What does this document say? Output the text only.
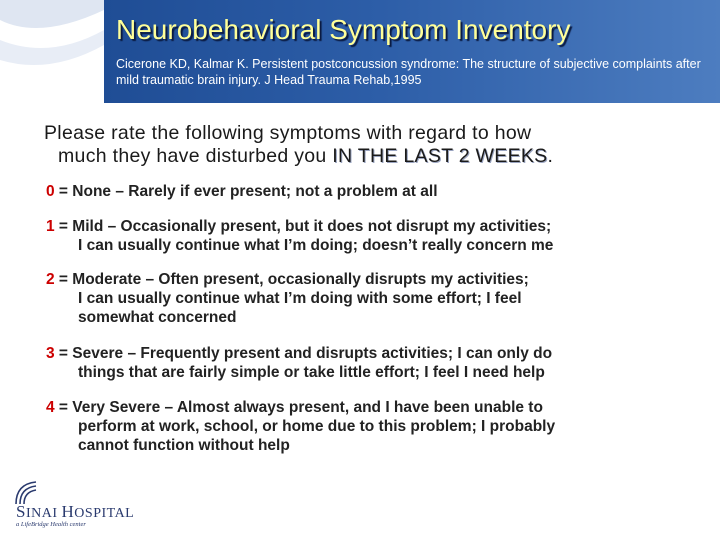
Neurobehavioral Symptom Inventory

Cicerone KD, Kalmar K. Persistent postconcussion syndrome: The structure of subjective complaints after mild traumatic brain injury. J Head Trauma Rehab,1995

Please rate the following symptoms with regard to how
much they have disturbed you IN THE LAST 2 WEEKS.

0 = None – Rarely if ever present; not a problem at all

1 = Mild – Occasionally present, but it does not disrupt my activities;
I can usually continue what I’m doing; doesn’t really concern me

2 = Moderate – Often present, occasionally disrupts my activities;
I can usually continue what I’m doing with some effort; I feel
somewhat concerned

3 = Severe – Frequently present and disrupts activities; I can only do
things that are fairly simple or take little effort; I feel I need help

4 = Very Severe – Almost always present, and I have been unable to
perform at work, school, or home due to this problem; I probably
cannot function without help

SINAI HOSPITAL

a LifeBridge Health center
